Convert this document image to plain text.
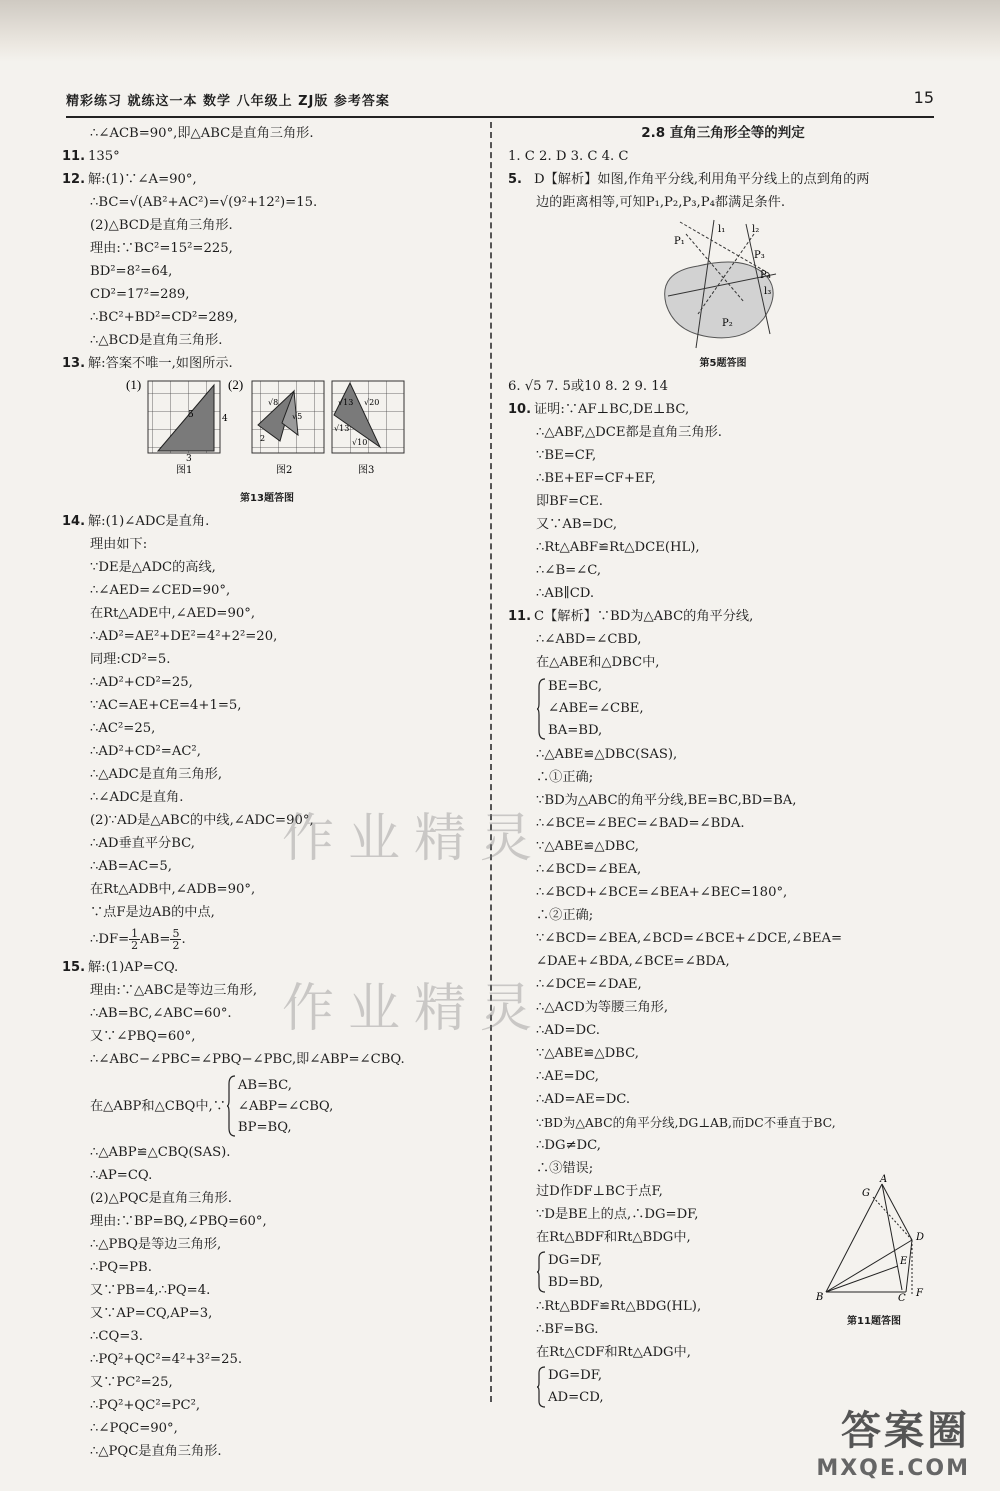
精彩练习 就练这一本 数学 八年级上 ZJ版 参考答案	15
∴∠ACB=90°,即△ABC是直角三角形.
11. 135°
12. 解:(1)∵∠A=90°,
∴BC=√(AB²+AC²)=√(9²+12²)=15.
(2)△BCD是直角三角形.
理由:∵BC²=15²=225,
BD²=8²=64,
CD²=17²=289,
∴BC²+BD²=CD²=289,
∴△BCD是直角三角形.
13. 解:答案不唯一,如图所示.
(1)	(2)
5	4
3
√8
√5
2
√13 √20
√10
√13
图1	图2	图3
第13题答图
14. 解:(1)∠ADC是直角.
理由如下:
∵DE是△ADC的高线,
∴∠AED=∠CED=90°,
在Rt△ADE中,∠AED=90°,
∴AD²=AE²+DE²=4²+2²=20,
同理:CD²=5.
∴AD²+CD²=25,
∵AC=AE+CE=4+1=5,
∴AC²=25,
∴AD²+CD²=AC²,
∴△ADC是直角三角形,
∴∠ADC是直角.
(2)∵AD是△ABC的中线,∠ADC=90°,
∴AD垂直平分BC,
∴AB=AC=5,
在Rt△ADB中,∠ADB=90°,
∵点F是边AB的中点,
∴DF= $\frac{1}{2} AB= \frac{5}{2}$ .
15. 解:(1)AP=CQ.
理由:∵△ABC是等边三角形,
∴AB=BC,∠ABC=60°.
又∵∠PBQ=60°,
∴∠ABC−∠PBC=∠PBQ−∠PBC,即∠ABP=∠CBQ.
在△ABP和△CBQ中,∵
AB=BC,
∠ABP=∠CBQ,
BP=BQ,
∴△ABP≌△CBQ(SAS).
∴AP=CQ.
(2)△PQC是直角三角形.
理由:∵BP=BQ,∠PBQ=60°,
∴△PBQ是等边三角形,
∴PQ=PB.
又∵PB=4,∴PQ=4.
又∵AP=CQ,AP=3,
∴CQ=3.
∴PQ²+QC²=4²+3²=25.
又∵PC²=25,
∴PQ²+QC²=PC²,
∴∠PQC=90°,
∴△PQC是直角三角形.
2.8 直角三角形全等的判定
1. C 2. D 3. C 4. C
5. D【解析】如图,作角平分线,利用角平分线上的点到角的两
边的距离相等,可知P₁,P₂,P₃,P₄都满足条件.
P₁
P₂
P₃
P₄
l₁	l₂
l₃
第5题答图
6. √5 7. 5或10 8. 2 9. 14
10. 证明:∵AF⊥BC,DE⊥BC,
∴△ABF,△DCE都是直角三角形.
∵BE=CF,
∴BE+EF=CF+EF,
即BF=CE.
又∵AB=DC,
∴Rt△ABF≌Rt△DCE(HL),
∴∠B=∠C,
∴AB∥CD.
11. C【解析】∵BD为△ABC的角平分线,
∴∠ABD=∠CBD,
在△ABE和△DBC中,
BE=BC,
∠ABE=∠CBE,
BA=BD,
∴△ABE≌△DBC(SAS),
∴①正确;
∵BD为△ABC的角平分线,BE=BC,BD=BA,
∴∠BCE=∠BEC=∠BAD=∠BDA.
∵△ABE≌△DBC,
∴∠BCD=∠BEA,
∴∠BCD+∠BCE=∠BEA+∠BEC=180°,
∴②正确;
∵∠BCD=∠BEA,∠BCD=∠BCE+∠DCE,∠BEA=
∠DAE+∠BDA,∠BCE=∠BDA,
∴∠DCE=∠DAE,
∴△ACD为等腰三角形,
∴AD=DC.
∵△ABE≌△DBC,
∴AE=DC,
∴AD=AE=DC.
∵BD为△ABC的角平分线,DG⊥AB,而DC不垂直于BC,
∴DG≠DC,
∴③错误;
过D作DF⊥BC于点F,
∵D是BE上的点,∴DG=DF,
在Rt△BDF和Rt△BDG中,
DG=DF,
BD=BD,
∴Rt△BDF≌Rt△BDG(HL),
∴BF=BG.
在Rt△CDF和Rt△ADG中,
DG=DF,
AD=CD,
G
A
D
E
B	C F
第11题答图
作业精灵
作业精灵
答案圈
MXQE.COM
